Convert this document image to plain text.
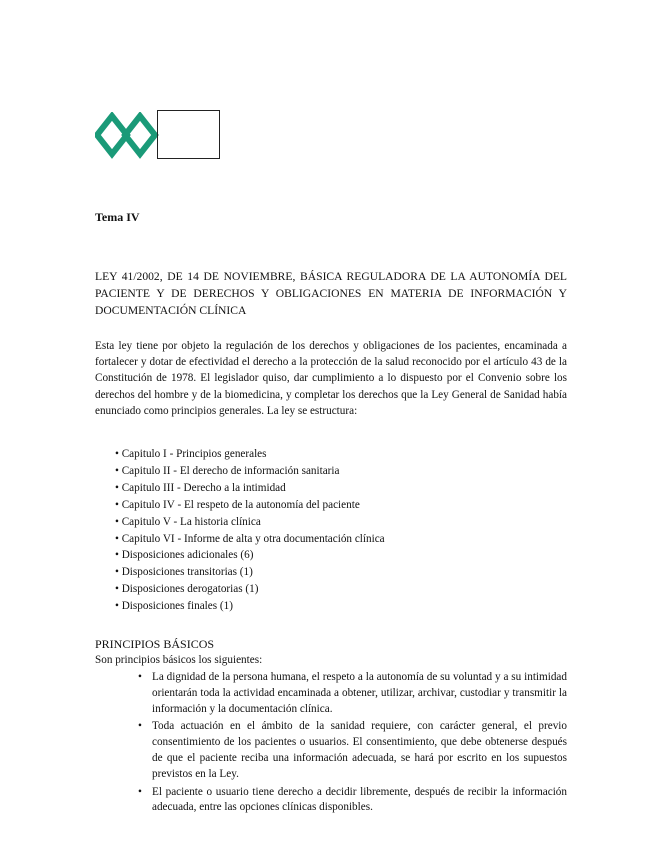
Tema IV
LEY 41/2002, DE 14 DE NOVIEMBRE, BÁSICA REGULADORA DE LA AUTONOMÍA DEL PACIENTE Y DE DERECHOS Y OBLIGACIONES EN MATERIA DE INFORMACIÓN Y DOCUMENTACIÓN CLÍNICA
Esta ley tiene por objeto la regulación de los derechos y obligaciones de los pacientes, encaminada a fortalecer y dotar de efectividad el derecho a la protección de la salud reconocido por el artículo 43 de la Constitución de 1978. El legislador quiso, dar cumplimiento a lo dispuesto por el Convenio sobre los derechos del hombre y de la biomedicina, y completar los derechos que la Ley General de Sanidad había enunciado como principios generales. La ley se estructura:
• Capitulo I - Principios generales
• Capitulo II - El derecho de información sanitaria
• Capitulo III - Derecho a la intimidad
• Capitulo IV - El respeto de la autonomía del paciente
• Capitulo V - La historia clínica
• Capitulo VI - Informe de alta y otra documentación clínica
• Disposiciones adicionales (6)
• Disposiciones transitorias (1)
• Disposiciones derogatorias (1)
• Disposiciones finales (1)
PRINCIPIOS BÁSICOS
Son principios básicos los siguientes:
• La dignidad de la persona humana, el respeto a la autonomía de su voluntad y a su intimidad orientarán toda la actividad encaminada a obtener, utilizar, archivar, custodiar y transmitir la información y la documentación clínica.
• Toda actuación en el ámbito de la sanidad requiere, con carácter general, el previo consentimiento de los pacientes o usuarios. El consentimiento, que debe obtenerse después de que el paciente reciba una información adecuada, se hará por escrito en los supuestos previstos en la Ley.
• El paciente o usuario tiene derecho a decidir libremente, después de recibir la información adecuada, entre las opciones clínicas disponibles.
